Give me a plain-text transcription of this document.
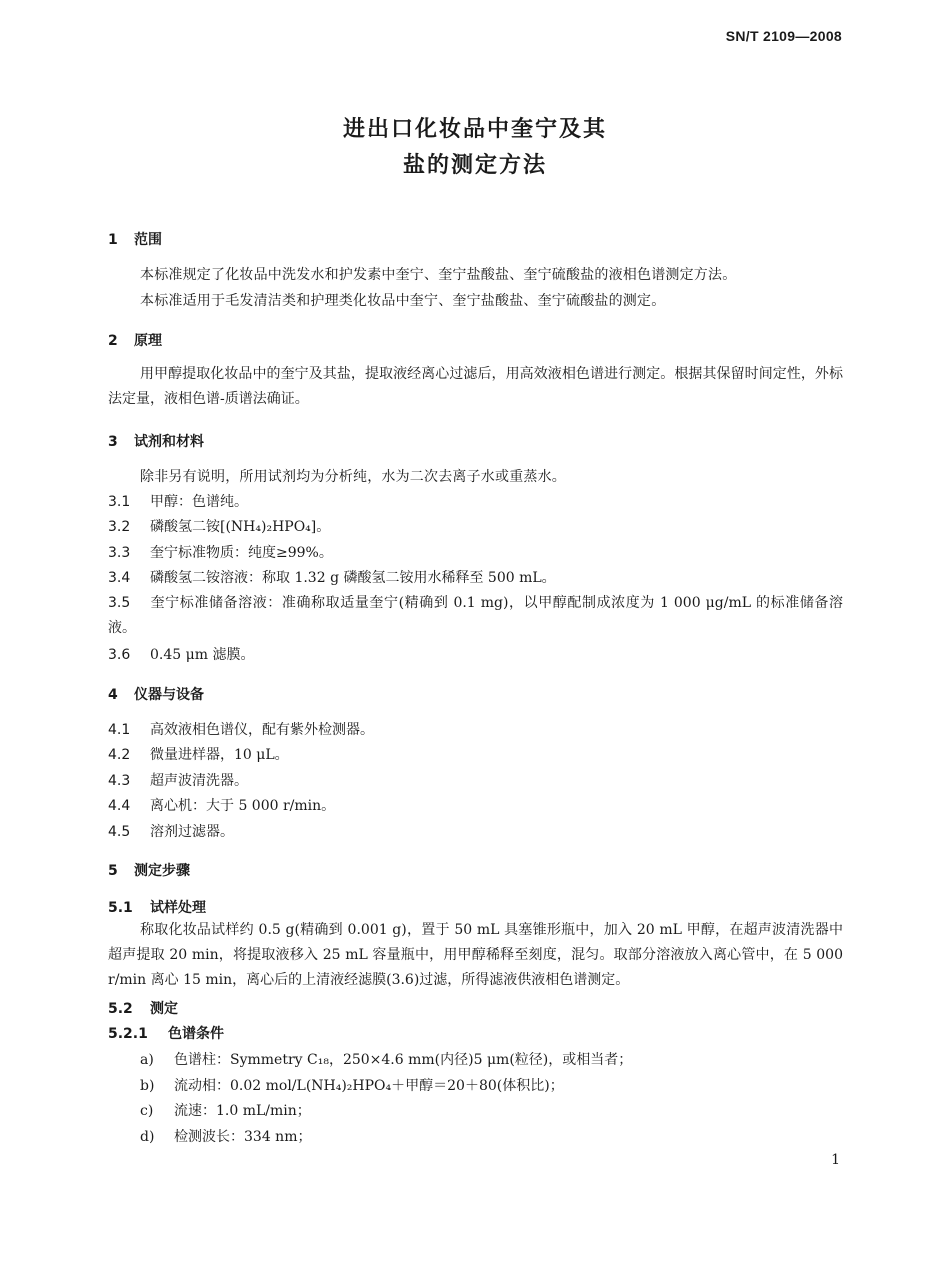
SN/T 2109—2008
进出口化妆品中奎宁及其
盐的测定方法
1 范围
本标准规定了化妆品中洗发水和护发素中奎宁、奎宁盐酸盐、奎宁硫酸盐的液相色谱测定方法。
本标准适用于毛发清洁类和护理类化妆品中奎宁、奎宁盐酸盐、奎宁硫酸盐的测定。
2 原理
用甲醇提取化妆品中的奎宁及其盐，提取液经离心过滤后，用高效液相色谱进行测定。根据其保留时间定性，外标法定量，液相色谱-质谱法确证。
3 试剂和材料
除非另有说明，所用试剂均为分析纯，水为二次去离子水或重蒸水。
3.1 甲醇：色谱纯。
3.2 磷酸氢二铵[(NH₄)₂HPO₄]。
3.3 奎宁标准物质：纯度≥99%。
3.4 磷酸氢二铵溶液：称取 1.32 g 磷酸氢二铵用水稀释至 500 mL。
3.5 奎宁标准储备溶液：准确称取适量奎宁(精确到 0.1 mg)，以甲醇配制成浓度为 1 000 μg/mL 的标准储备溶液。
3.6 0.45 μm 滤膜。
4 仪器与设备
4.1 高效液相色谱仪，配有紫外检测器。
4.2 微量进样器，10 μL。
4.3 超声波清洗器。
4.4 离心机：大于 5 000 r/min。
4.5 溶剂过滤器。
5 测定步骤
5.1 试样处理
称取化妆品试样约 0.5 g(精确到 0.001 g)，置于 50 mL 具塞锥形瓶中，加入 20 mL 甲醇，在超声波清洗器中超声提取 20 min，将提取液移入 25 mL 容量瓶中，用甲醇稀释至刻度，混匀。取部分溶液放入离心管中，在 5 000 r/min 离心 15 min，离心后的上清液经滤膜(3.6)过滤，所得滤液供液相色谱测定。
5.2 测定
5.2.1 色谱条件
a) 色谱柱：Symmetry C₁₈，250×4.6 mm(内径)5 μm(粒径)，或相当者；
b) 流动相：0.02 mol/L(NH₄)₂HPO₄＋甲醇＝20＋80(体积比)；
c) 流速：1.0 mL/min；
d) 检测波长：334 nm；
1
